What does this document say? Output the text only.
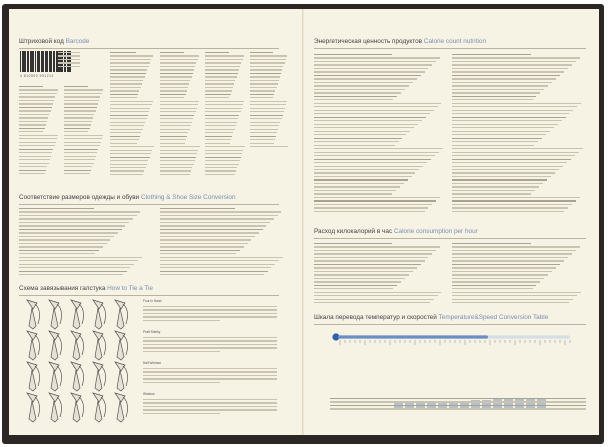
Штриховой код Barcode
4 810900 991212
Соответствие размеров одежды и обуви Clothing & Shoe Size Conversion
Схема завязывания галстука How to Tie a Tie
Four in Hand
Pratt Shelby
Half Windsor
Windsor
Энергетическая ценность продуктов Calorie count nutrition
Расход килокалорий в час Calorie consumption per hour
Шкала перевода температур и скоростей Temperature&Speed Conversion Table
